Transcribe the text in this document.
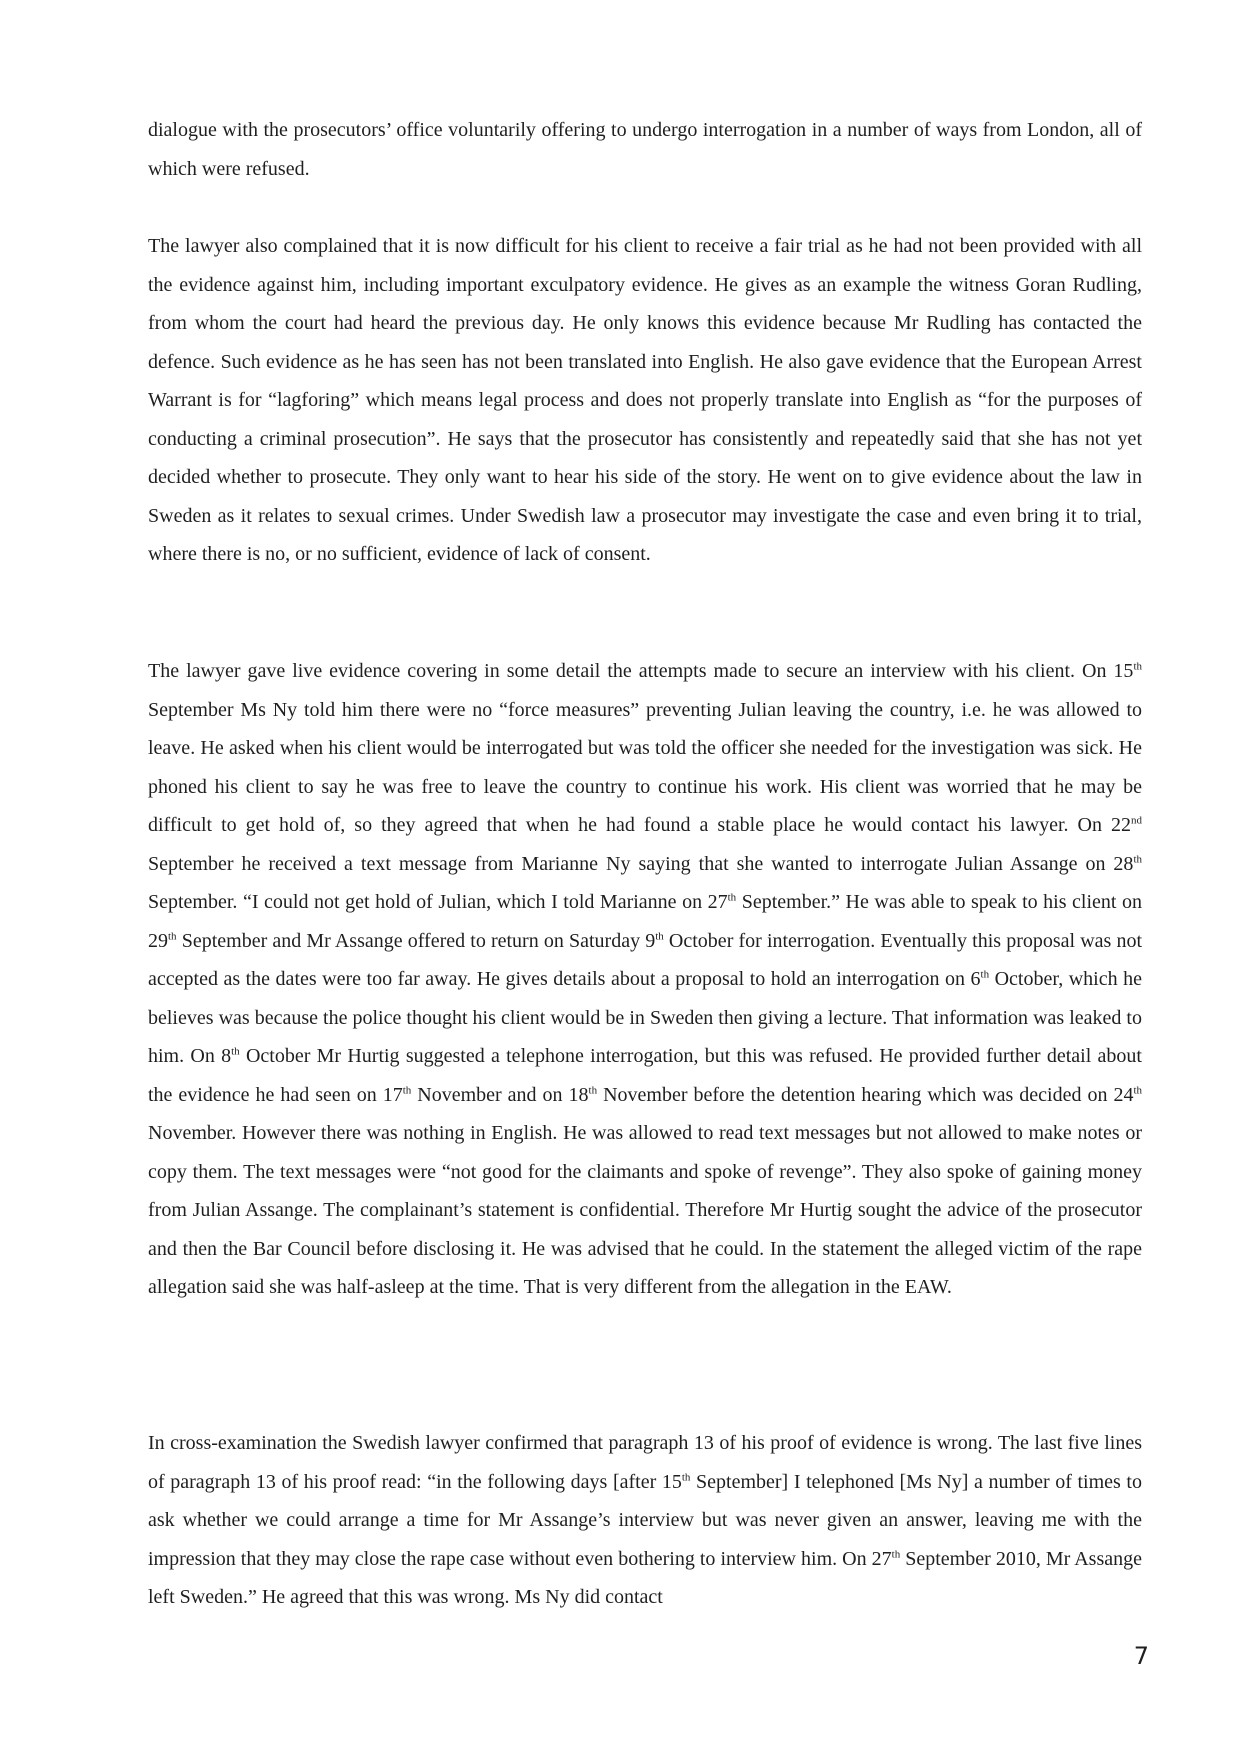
dialogue with the prosecutors’ office voluntarily offering to undergo interrogation in a number of ways from London, all of which were refused.

The lawyer also complained that it is now difficult for his client to receive a fair trial as he had not been provided with all the evidence against him, including important exculpatory evidence. He gives as an example the witness Goran Rudling, from whom the court had heard the previous day. He only knows this evidence because Mr Rudling has contacted the defence. Such evidence as he has seen has not been translated into English. He also gave evidence that the European Arrest Warrant is for “lagforing” which means legal process and does not properly translate into English as “for the purposes of conducting a criminal prosecution”. He says that the prosecutor has consistently and repeatedly said that she has not yet decided whether to prosecute. They only want to hear his side of the story. He went on to give evidence about the law in Sweden as it relates to sexual crimes. Under Swedish law a prosecutor may investigate the case and even bring it to trial, where there is no, or no sufficient, evidence of lack of consent.

The lawyer gave live evidence covering in some detail the attempts made to secure an interview with his client. On 15th September Ms Ny told him there were no “force measures” preventing Julian leaving the country, i.e. he was allowed to leave. He asked when his client would be interrogated but was told the officer she needed for the investigation was sick. He phoned his client to say he was free to leave the country to continue his work. His client was worried that he may be difficult to get hold of, so they agreed that when he had found a stable place he would contact his lawyer. On 22nd September he received a text message from Marianne Ny saying that she wanted to interrogate Julian Assange on 28th September. “I could not get hold of Julian, which I told Marianne on 27th September.” He was able to speak to his client on 29th September and Mr Assange offered to return on Saturday 9th October for interrogation. Eventually this proposal was not accepted as the dates were too far away. He gives details about a proposal to hold an interrogation on 6th October, which he believes was because the police thought his client would be in Sweden then giving a lecture. That information was leaked to him. On 8th October Mr Hurtig suggested a telephone interrogation, but this was refused. He provided further detail about the evidence he had seen on 17th November and on 18th November before the detention hearing which was decided on 24th November. However there was nothing in English. He was allowed to read text messages but not allowed to make notes or copy them. The text messages were “not good for the claimants and spoke of revenge”. They also spoke of gaining money from Julian Assange. The complainant’s statement is confidential. Therefore Mr Hurtig sought the advice of the prosecutor and then the Bar Council before disclosing it. He was advised that he could. In the statement the alleged victim of the rape allegation said she was half-asleep at the time. That is very different from the allegation in the EAW.

In cross-examination the Swedish lawyer confirmed that paragraph 13 of his proof of evidence is wrong. The last five lines of paragraph 13 of his proof read: “in the following days [after 15th September] I telephoned [Ms Ny] a number of times to ask whether we could arrange a time for Mr Assange’s interview but was never given an answer, leaving me with the impression that they may close the rape case without even bothering to interview him. On 27th September 2010, Mr Assange left Sweden.” He agreed that this was wrong. Ms Ny did contact

7
